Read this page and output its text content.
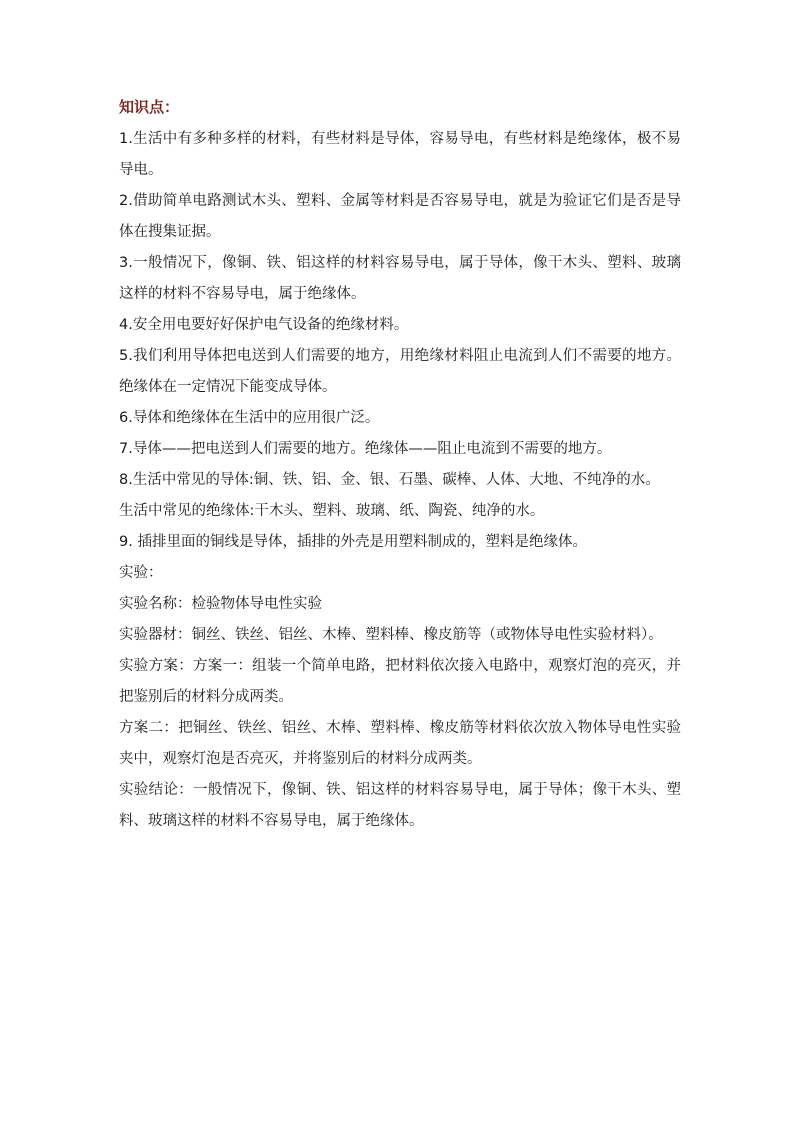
知识点：

1.生活中有多种多样的材料，有些材料是导体，容易导电，有些材料是绝缘体，极不易导电。

2.借助简单电路测试木头、塑料、金属等材料是否容易导电，就是为验证它们是否是导体在搜集证据。

3.一般情况下，像铜、铁、铝这样的材料容易导电，属于导体，像干木头、塑料、玻璃这样的材料不容易导电，属于绝缘体。

4.安全用电要好好保护电气设备的绝缘材料。

5.我们利用导体把电送到人们需要的地方，用绝缘材料阻止电流到人们不需要的地方。绝缘体在一定情况下能变成导体。

6.导体和绝缘体在生活中的应用很广泛。

7.导体——把电送到人们需要的地方。绝缘体——阻止电流到不需要的地方。

8.生活中常见的导体:铜、铁、铝、金、银、石墨、碳棒、人体、大地、不纯净的水。

生活中常见的绝缘体:干木头、塑料、玻璃、纸、陶瓷、纯净的水。

9. 插排里面的铜线是导体，插排的外壳是用塑料制成的，塑料是绝缘体。

实验：

实验名称：检验物体导电性实验

实验器材：铜丝、铁丝、铝丝、木棒、塑料棒、橡皮筋等（或物体导电性实验材料）。

实验方案：方案一：组装一个简单电路，把材料依次接入电路中，观察灯泡的亮灭，并把鉴别后的材料分成两类。

方案二：把铜丝、铁丝、铝丝、木棒、塑料棒、橡皮筋等材料依次放入物体导电性实验夹中，观察灯泡是否亮灭，并将鉴别后的材料分成两类。

实验结论：一般情况下，像铜、铁、铝这样的材料容易导电，属于导体；像干木头、塑料、玻璃这样的材料不容易导电，属于绝缘体。
